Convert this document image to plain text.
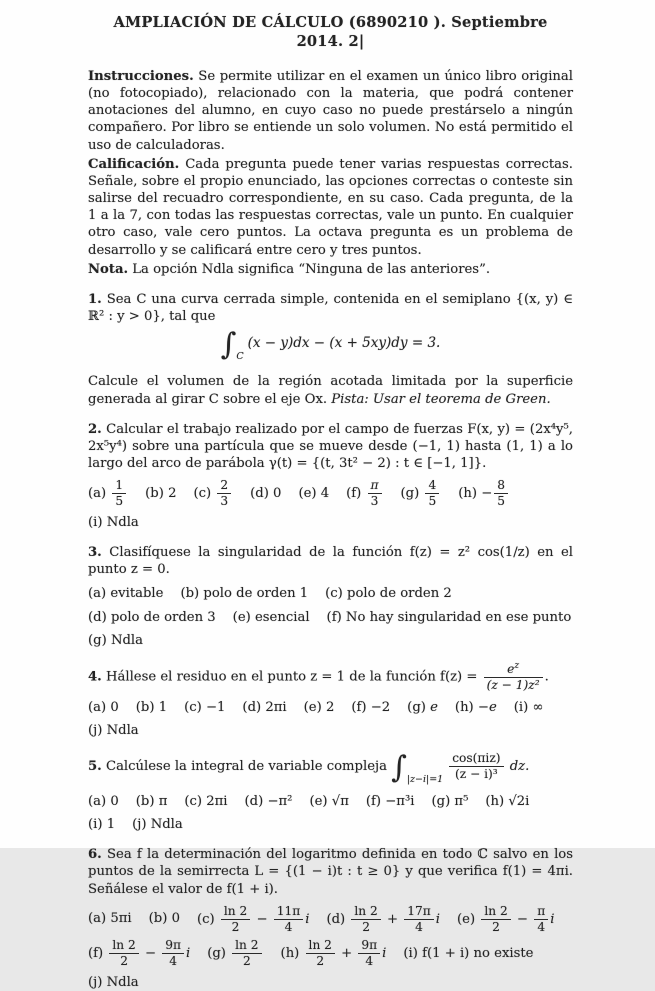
AMPLIACIÓN DE CÁLCULO (6890210 ). Septiembre 2014. 2|

Instrucciones. Se permite utilizar en el examen un único libro original (no fotocopiado), relacionado con la materia, que podrá contener anotaciones del alumno, en cuyo caso no puede prestárselo a ningún compañero. Por libro se entiende un solo volumen. No está permitido el uso de calculadoras.

Calificación. Cada pregunta puede tener varias respuestas correctas. Señale, sobre el propio enunciado, las opciones correctas o conteste sin salirse del recuadro correspondiente, en su caso. Cada pregunta, de la 1 a la 7, con todas las respuestas correctas, vale un punto. En cualquier otro caso, vale cero puntos. La octava pregunta es un problema de desarrollo y se calificará entre cero y tres puntos.

Nota. La opción Ndla significa “Ninguna de las anteriores”.

1. Sea C una curva cerrada simple, contenida en el semiplano {(x, y) ∈ ℝ² : y > 0}, tal que

$\int_C(x - y)dx - (x + 5xy)dy = 3$.

Calcule el volumen de la región acotada limitada por la superficie generada al girar C sobre el eje Ox. Pista: Usar el teorema de Green.

2. Calcular el trabajo realizado por el campo de fuerzas F(x, y) = (2x⁴y⁵, 2x⁵y⁴) sobre una partícula que se mueve desde (−1, 1) hasta (1, 1) a lo largo del arco de parábola γ(t) = {(t, 3t² − 2) : t ∈ [−1, 1]}.

$(a) \frac{1}{5} (b)$ 2 $(c) \frac{2}{3} (d)$ 0 (e) 4 $(f) \frac{\pi}{3} (g) \frac{4}{5} (h) - \frac{8}{5}$
(i) Ndla

3. Clasifíquese la singularidad de la función f(z) = z² cos(1/z) en el punto z = 0.

(a) evitable (b) polo de orden 1 (c) polo de orden 2
(d) polo de orden 3 (e) esencial (f) No hay singularidad en ese punto
(g) Ndla

4. Hállese el residuo en el punto z = 1 de la función $f(z) = \frac{e^z}{\text{(z − 1)z²}}$ .

(a) 0 (b) 1 (c) −1 (d) 2πi (e) 2 (f) −2 (g) e (h) −e (i) ∞
(j) Ndla

5. Calcúlese la integral de variable compleja $\int_{|z-i|=1} \frac{\text{cos(πiz)}}{\text{(z − i)³}}$ dz.

(a) 0 (b) π (c) 2πi (d) −π² (e) √π (f) −π³i (g) π⁵ (h) √2i
(i) 1 (j) Ndla

6. Sea f la determinación del logaritmo definida en todo ℂ salvo en los puntos de la semirrecta L = {(1 − i)t : t ≥ 0} y que verifica f(1) = 4πi. Señálese el valor de f(1 + i).

(a) 5πi (b) 0 $(c) \frac{\ln 2}{2} - \frac{11\pi}{4}$ i $(d) \frac{\ln 2}{2} + \frac{17\pi}{4}$ i $(e) \frac{\ln 2}{2} - \frac{\pi}{4}$ i
$(f) \frac{\ln 2}{2} - \frac{9\pi}{4}$ i $(g) \frac{\ln 2}{2} (h) \frac{\ln 2}{2} + \frac{9\pi}{4}$ i (i) f(1 + i) no existe
(j) Ndla
